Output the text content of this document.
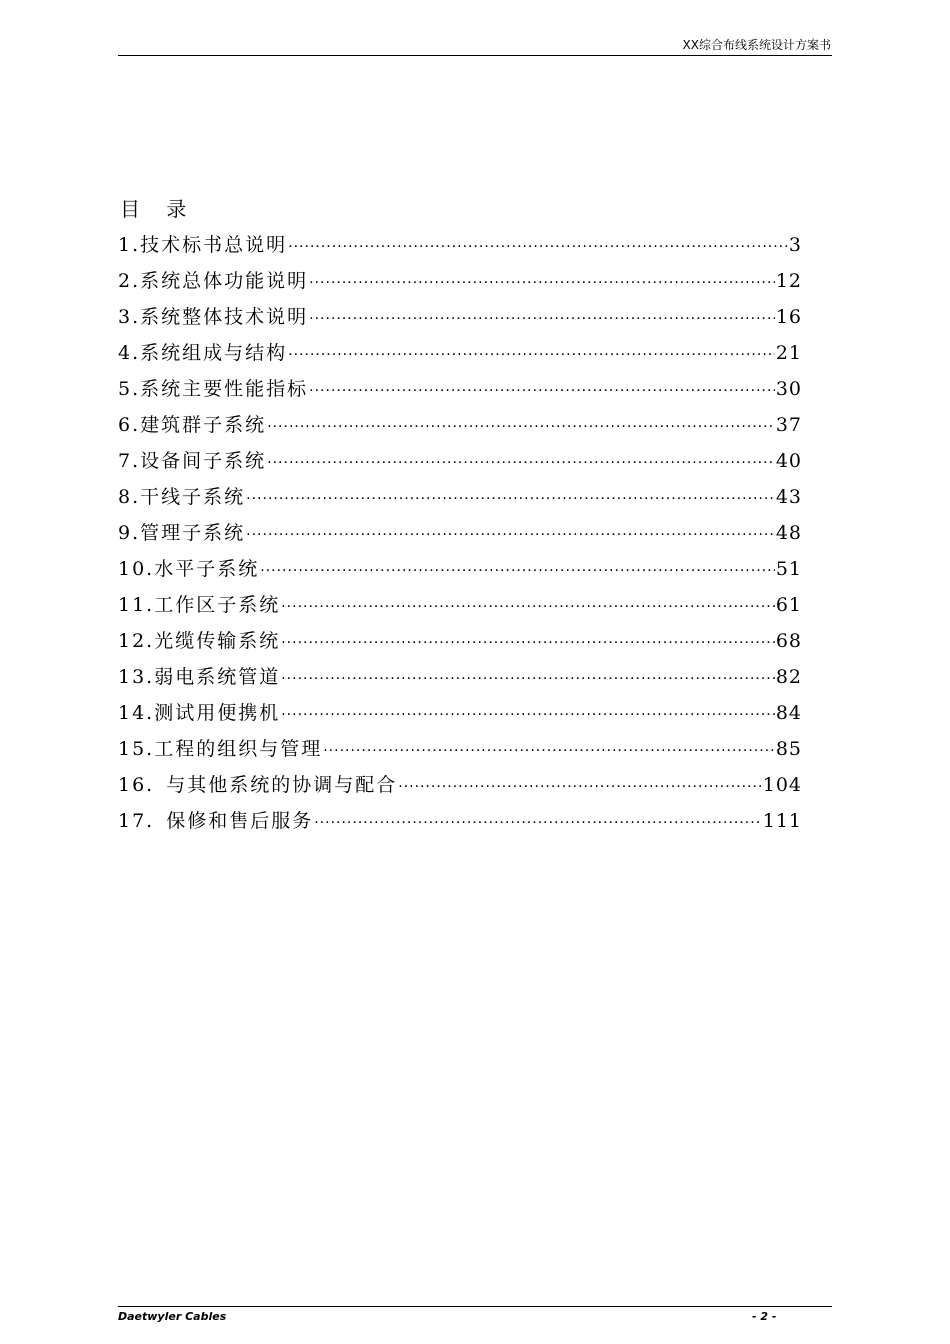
XX综合布线系统设计方案书
目 录
1. 技术标书总说明 ·····	3
2. 系统总体功能说明 ·····	12
3. 系统整体技术说明 ·····	16
4. 系统组成与结构 ·····	21
5. 系统主要性能指标 ·····	30
6. 建筑群子系统 ·····	37
7. 设备间子系统 ·····	40
8. 干线子系统 ·····	43
9. 管理子系统 ·····	48
10. 水平子系统 ·····	51
11. 工作区子系统 ·····	61
12. 光缆传输系统 ·····	68
13. 弱电系统管道 ·····	82
14. 测试用便携机 ·····	84
15. 工程的组织与管理 ·····	85
16. 与其他系统的协调与配合 ·····	104
17. 保修和售后服务 ·····	111
Daetwyler Cables	- 2 -
